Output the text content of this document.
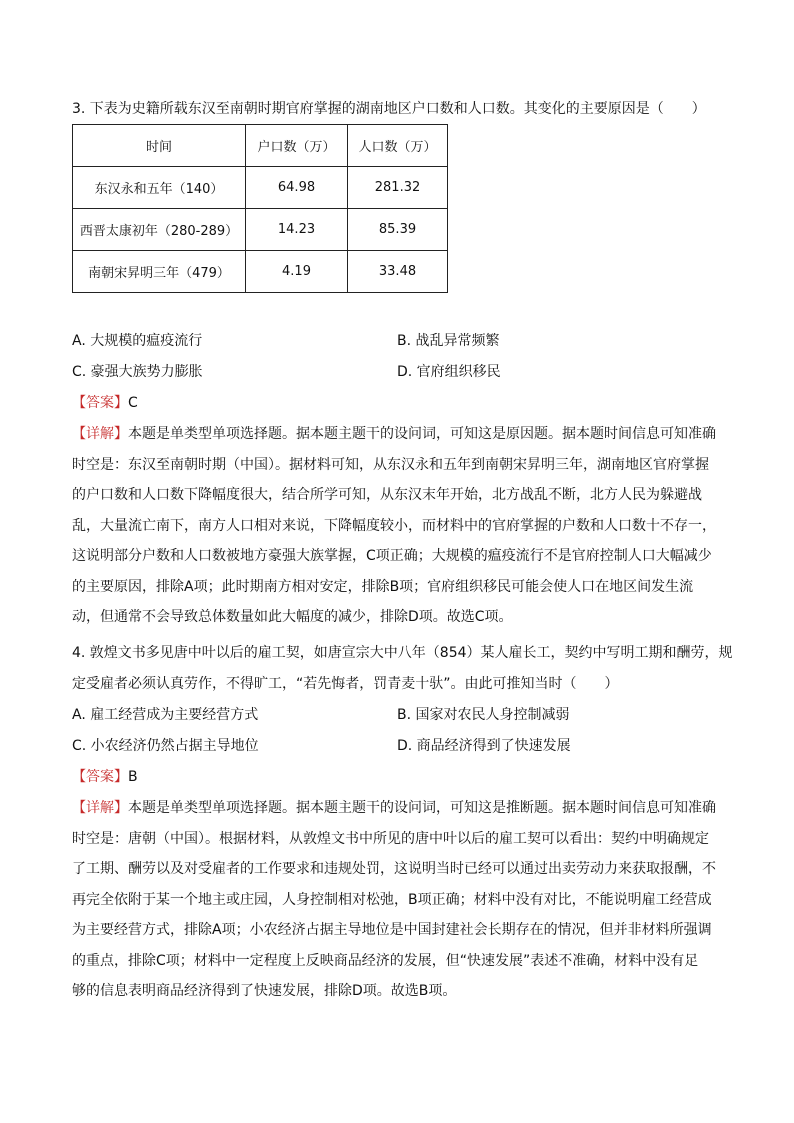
3. 下表为史籍所载东汉至南朝时期官府掌握的湖南地区户口数和人口数。其变化的主要原因是（　　）
时间	户口数（万）	人口数（万）
东汉永和五年（140）	64.98	281.32
西晋太康初年（280-289）	14.23	85.39
南朝宋昇明三年（479）	4.19	33.48
A. 大规模的瘟疫流行	B. 战乱异常频繁
C. 豪强大族势力膨胀	D. 官府组织移民
【答案】C
【详解】本题是单类型单项选择题。据本题主题干的设问词，可知这是原因题。据本题时间信息可知准确
时空是：东汉至南朝时期（中国）。据材料可知，从东汉永和五年到南朝宋昇明三年，湖南地区官府掌握
的户口数和人口数下降幅度很大，结合所学可知，从东汉末年开始，北方战乱不断，北方人民为躲避战
乱，大量流亡南下，南方人口相对来说，下降幅度较小，而材料中的官府掌握的户数和人口数十不存一，
这说明部分户数和人口数被地方豪强大族掌握，C项正确；大规模的瘟疫流行不是官府控制人口大幅减少
的主要原因，排除A项；此时期南方相对安定，排除B项；官府组织移民可能会使人口在地区间发生流
动，但通常不会导致总体数量如此大幅度的减少，排除D项。故选C项。
4. 敦煌文书多见唐中叶以后的雇工契，如唐宣宗大中八年（854）某人雇长工，契约中写明工期和酬劳，规
定受雇者必须认真劳作，不得旷工，“若先悔者，罚青麦十驮”。由此可推知当时（　　）
A. 雇工经营成为主要经营方式	B. 国家对农民人身控制减弱
C. 小农经济仍然占据主导地位	D. 商品经济得到了快速发展
【答案】B
【详解】本题是单类型单项选择题。据本题主题干的设问词，可知这是推断题。据本题时间信息可知准确
时空是：唐朝（中国）。根据材料，从敦煌文书中所见的唐中叶以后的雇工契可以看出：契约中明确规定
了工期、酬劳以及对受雇者的工作要求和违规处罚，这说明当时已经可以通过出卖劳动力来获取报酬，不
再完全依附于某一个地主或庄园，人身控制相对松弛，B项正确；材料中没有对比，不能说明雇工经营成
为主要经营方式，排除A项；小农经济占据主导地位是中国封建社会长期存在的情况，但并非材料所强调
的重点，排除C项；材料中一定程度上反映商品经济的发展，但“快速发展”表述不准确，材料中没有足
够的信息表明商品经济得到了快速发展，排除D项。故选B项。
